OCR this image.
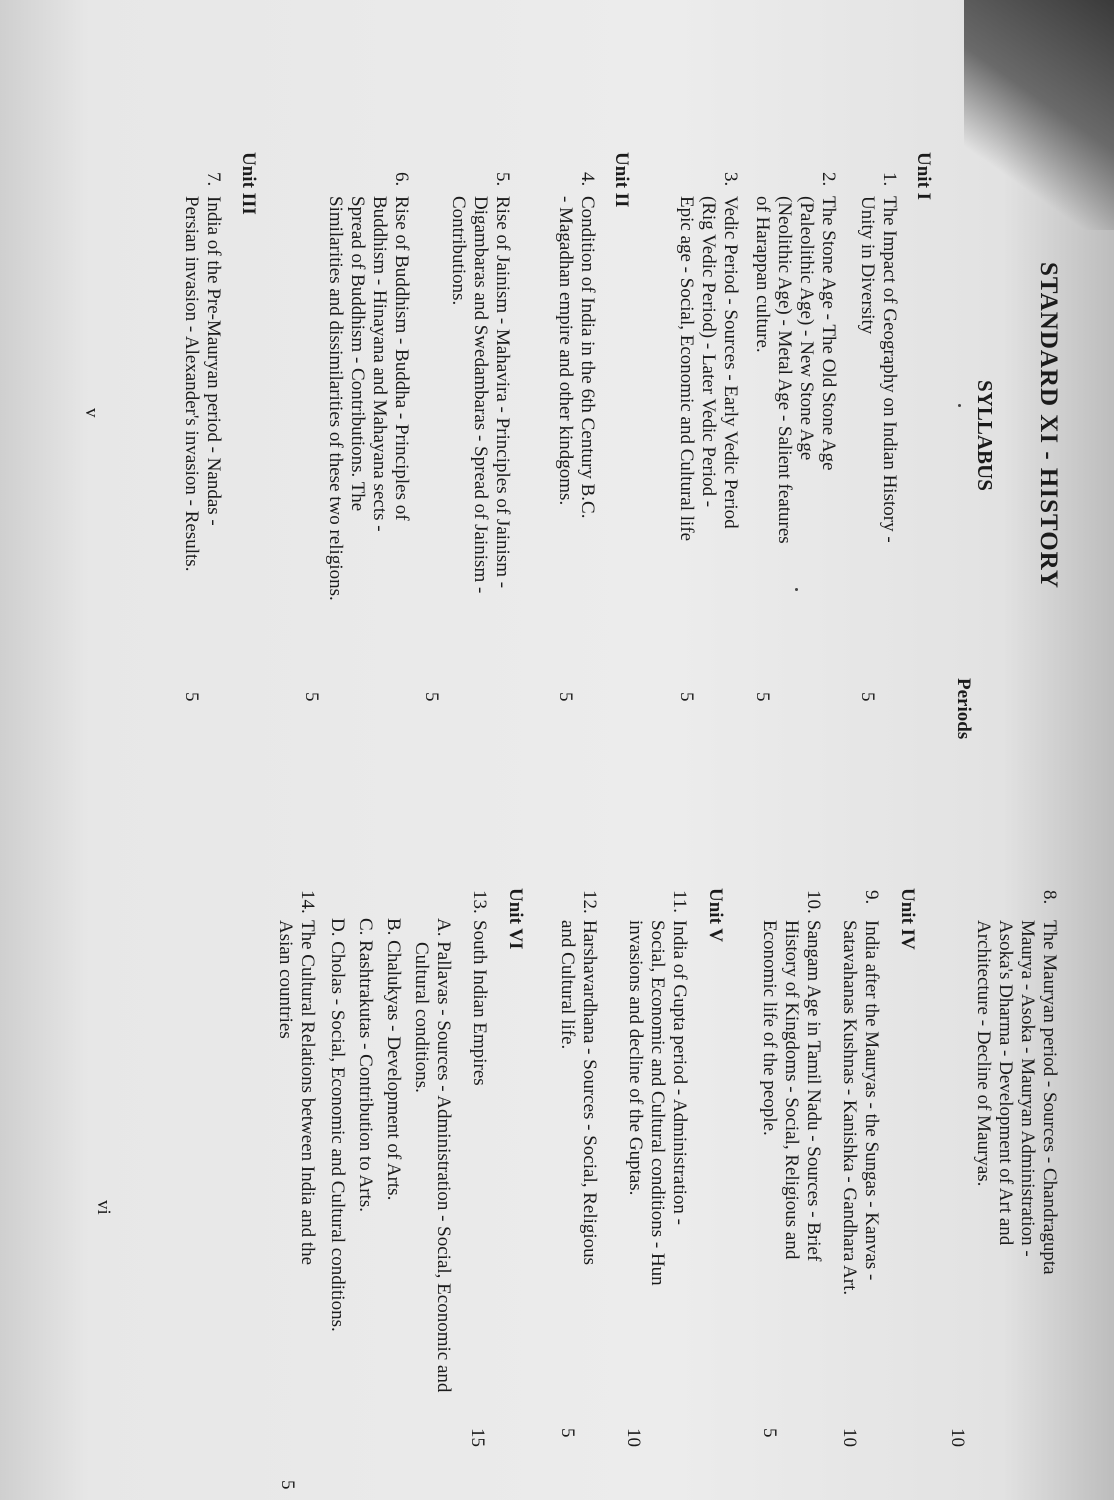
STANDARD XI - HISTORY
SYLLABUS
Periods
Unit I
1.
The Impact of Geography on Indian History -
Unity in Diversity
5
2.
The Stone Age - The Old Stone Age
(Paleolithic Age) - New Stone Age
(Neolithic Age) - Metal Age - Salient features
of Harappan culture.
5
3.
Vedic Period - Sources - Early Vedic Period
(Rig Vedic Period) - Later Vedic Period -
Epic age - Social, Economic and Cultural life
5
Unit II
4.
Condition of India in the 6th Century B.C.
- Magadhan empire and other kindgoms.
5
5.
Rise of Jainism - Mahavira - Principles of Jainism -
Digambaras and Swedambaras - Spread of Jainism -
Contributions.
5
6.
Rise of Buddhism - Buddha - Principles of
Buddhism - Hinayana and Mahayana sects -
Spread of Buddhism - Contributions. The
Similarities and dissimilarities of these two religions.
5
Unit III
7.
India of the Pre-Mauryan period - Nandas -
Persian invasion - Alexander's invasion - Results.
5
v
8.
The Mauryan period - Sources - Chandragupta
Maurya - Asoka - Mauryan Administration -
Asoka's Dharma - Development of Art and
Architecture - Decline of Mauryas.
10
Unit IV
9.
India after the Mauryas - the Sungas - Kanvas -
Satavahanas Kushnas - Kanishka - Gandhara Art.
10
10.
Sangam Age in Tamil Nadu - Sources - Brief
History of Kingdoms - Social, Religious and
Economic life of the people.
5
Unit V
11.
India of Gupta period - Administration -
Social, Economic and Cultural conditions - Hun
invasions and decline of the Guptas.
10
12.
Harshavardhana - Sources - Social, Religious
and Cultural life.
5
Unit VI
13.
South Indian Empires
15
A. Pallavas - Sources - Administration - Social, Economic and
Cultural conditions.
B. Chalukyas - Development of Arts.
C. Rashtrakutas - Contribution to Arts.
D. Cholas - Social, Economic and Cultural conditions.
14.
The Cultural Relations between India and the
Asian countries
5
vi
